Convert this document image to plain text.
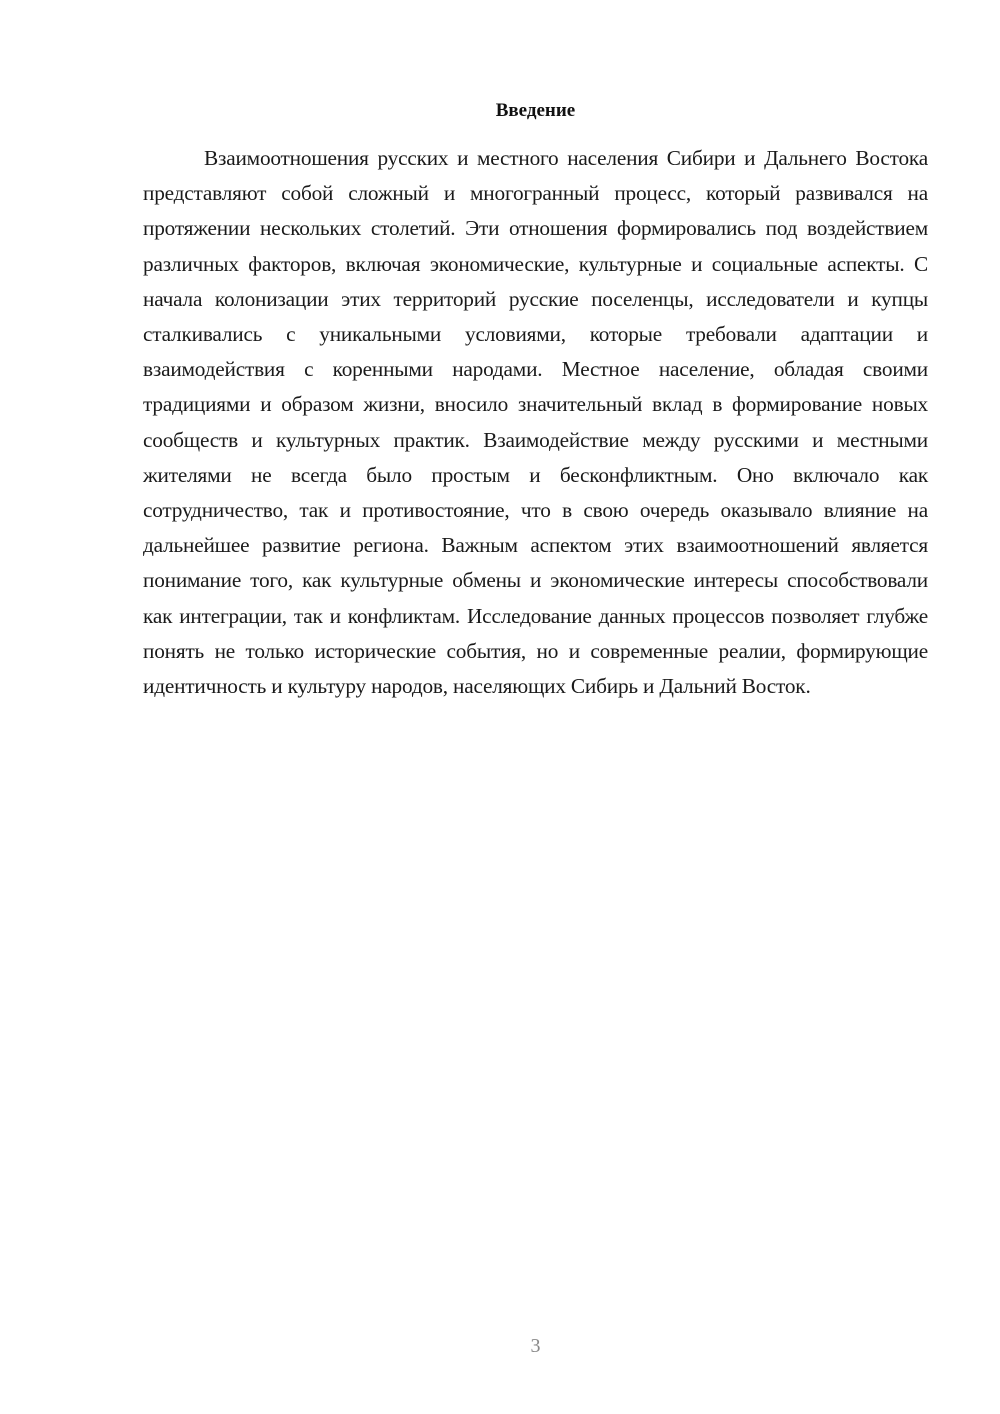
Введение

Взаимоотношения русских и местного населения Сибири и Дальнего Востока представляют собой сложный и многогранный процесс, который развивался на протяжении нескольких столетий. Эти отношения формировались под воздействием различных факторов, включая экономические, культурные и социальные аспекты. С начала колонизации этих территорий русские поселенцы, исследователи и купцы сталкивались с уникальными условиями, которые требовали адаптации и взаимодействия с коренными народами. Местное население, обладая своими традициями и образом жизни, вносило значительный вклад в формирование новых сообществ и культурных практик. Взаимодействие между русскими и местными жителями не всегда было простым и бесконфликтным. Оно включало как сотрудничество, так и противостояние, что в свою очередь оказывало влияние на дальнейшее развитие региона. Важным аспектом этих взаимоотношений является понимание того, как культурные обмены и экономические интересы способствовали как интеграции, так и конфликтам. Исследование данных процессов позволяет глубже понять не только исторические события, но и современные реалии, формирующие идентичность и культуру народов, населяющих Сибирь и Дальний Восток.

3
